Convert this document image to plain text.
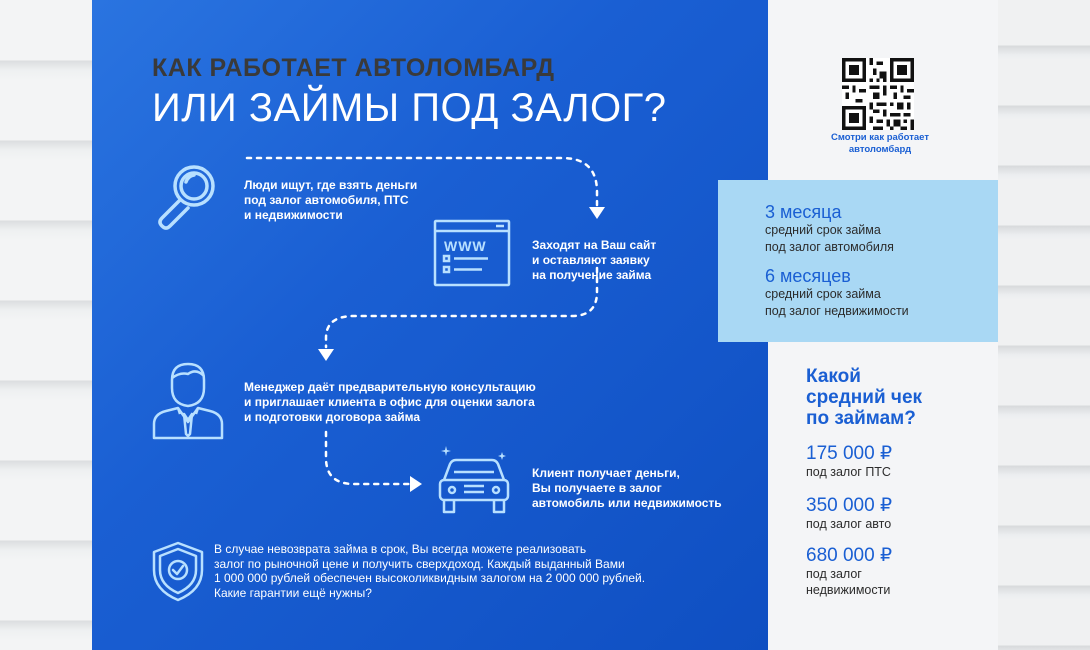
КАК РАБОТАЕТ АВТОЛОМБАРД
ИЛИ ЗАЙМЫ ПОД ЗАЛОГ?
Люди ищут, где взять деньги
под залог автомобиля, ПТС
и недвижимости
WWW	Заходят на Ваш сайт
и оставляют заявку
на получение займа
Менеджер даёт предварительную консультацию
и приглашает клиента в офис для оценки залога
и подготовки договора займа
Клиент получает деньги,
Вы получаете в залог
автомобиль или недвижимость
В случае невозврата займа в срок, Вы всегда можете реализовать
залог по рыночной цене и получить сверхдоход. Каждый выданный Вами
1 000 000 рублей обеспечен высоколиквидным залогом на 2 000 000 рублей.
Какие гарантии ещё нужны?
Смотри как работает
автоломбард
3 месяца
средний срок займа
под залог автомобиля
6 месяцев
средний срок займа
под залог недвижимости
Какой
средний чек
по займам?
175 000 ₽
под залог ПТС
350 000 ₽
под залог авто
680 000 ₽
под залог
недвижимости
